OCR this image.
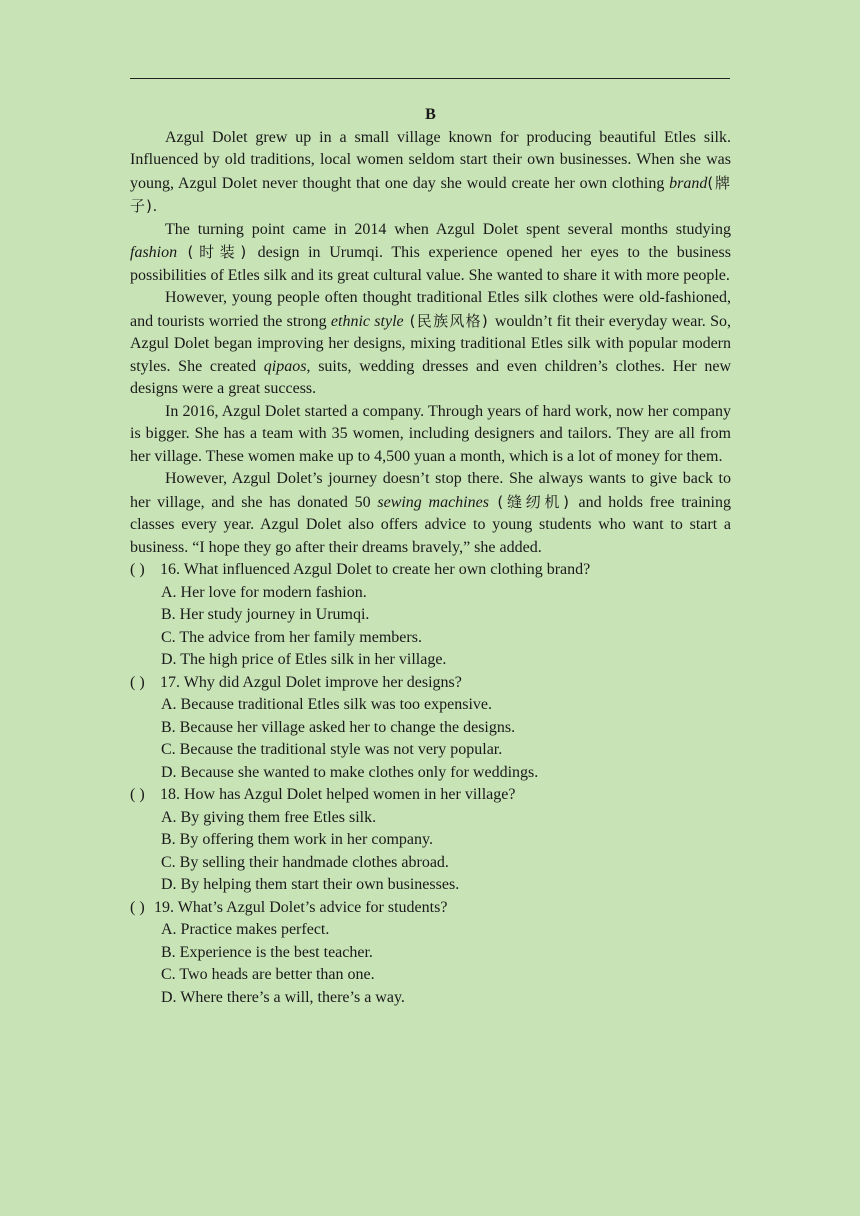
B

Azgul Dolet grew up in a small village known for producing beautiful Etles silk. Influenced by old traditions, local women seldom start their own businesses. When she was young, Azgul Dolet never thought that one day she would create her own clothing brand(牌子).

The turning point came in 2014 when Azgul Dolet spent several months studying fashion (时装) design in Urumqi. This experience opened her eyes to the business possibilities of Etles silk and its great cultural value. She wanted to share it with more people.

However, young people often thought traditional Etles silk clothes were old-fashioned, and tourists worried the strong ethnic style (民族风格) wouldn’t fit their everyday wear. So, Azgul Dolet began improving her designs, mixing traditional Etles silk with popular modern styles. She created qipaos, suits, wedding dresses and even children’s clothes. Her new designs were a great success.

In 2016, Azgul Dolet started a company. Through years of hard work, now her company is bigger. She has a team with 35 women, including designers and tailors. They are all from her village. These women make up to 4,500 yuan a month, which is a lot of money for them.

However, Azgul Dolet’s journey doesn’t stop there. She always wants to give back to her village, and she has donated 50 sewing machines (缝纫机) and holds free training classes every year. Azgul Dolet also offers advice to young students who want to start a business. “I hope they go after their dreams bravely,” she added.

( ) 16. What influenced Azgul Dolet to create her own clothing brand?

A. Her love for modern fashion.

B. Her study journey in Urumqi.

C. The advice from her family members.

D. The high price of Etles silk in her village.

( ) 17. Why did Azgul Dolet improve her designs?

A. Because traditional Etles silk was too expensive.

B. Because her village asked her to change the designs.

C. Because the traditional style was not very popular.

D. Because she wanted to make clothes only for weddings.

( ) 18. How has Azgul Dolet helped women in her village?

A. By giving them free Etles silk.

B. By offering them work in her company.

C. By selling their handmade clothes abroad.

D. By helping them start their own businesses.

( ) 19. What’s Azgul Dolet’s advice for students?

A. Practice makes perfect.

B. Experience is the best teacher.

C. Two heads are better than one.

D. Where there’s a will, there’s a way.
